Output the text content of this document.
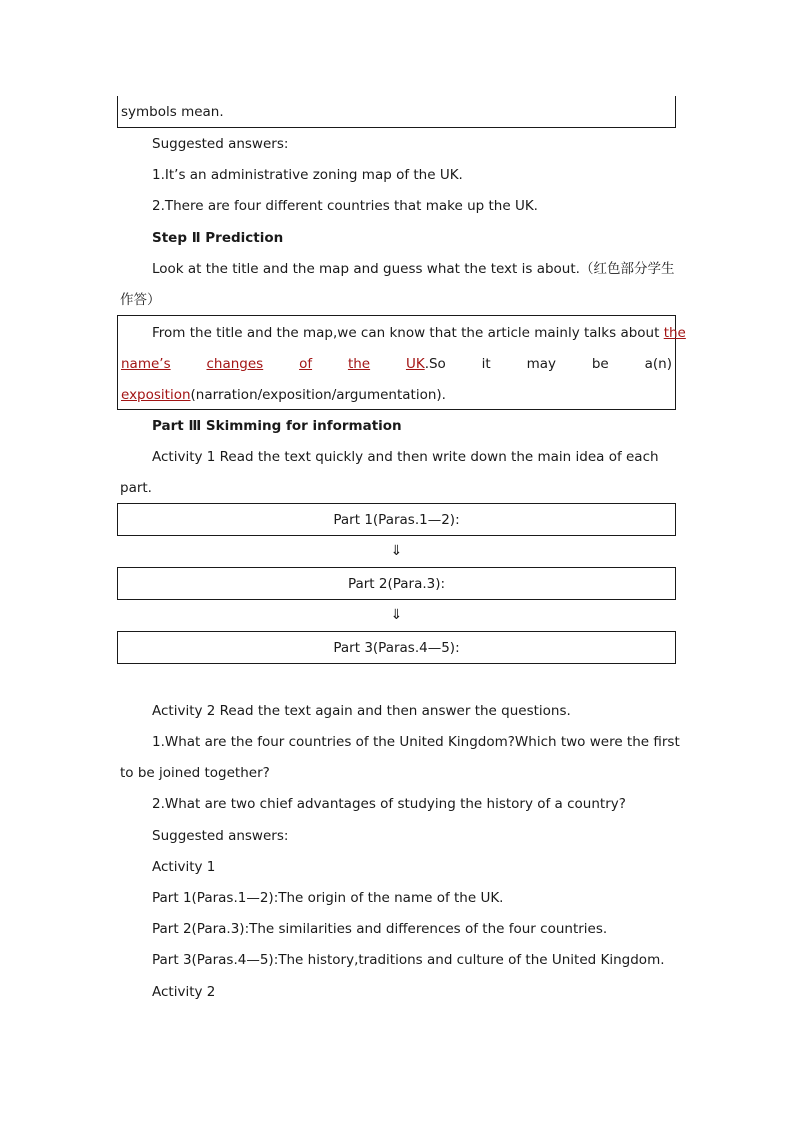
symbols mean.
Suggested answers:
1.It’s an administrative zoning map of the UK.
2.There are four different countries that make up the UK.
Step Ⅱ Prediction
Look at the title and the map and guess what the text is about.（红色部分学生
作答）
From the title and the map,we can know that the article mainly talks about the
name’s	changes	of	the	UK.So	it	may	be	a(n)
exposition(narration/exposition/argumentation).
Part Ⅲ Skimming for information
Activity 1 Read the text quickly and then write down the main idea of each
part.
Part 1(Paras.1—2):
⇓
Part 2(Para.3):
⇓
Part 3(Paras.4—5):
Activity 2 Read the text again and then answer the questions.
1.What are the four countries of the United Kingdom?Which two were the first
to be joined together?
2.What are two chief advantages of studying the history of a country?
Suggested answers:
Activity 1
Part 1(Paras.1—2):The origin of the name of the UK.
Part 2(Para.3):The similarities and differences of the four countries.
Part 3(Paras.4—5):The history,traditions and culture of the United Kingdom.
Activity 2
